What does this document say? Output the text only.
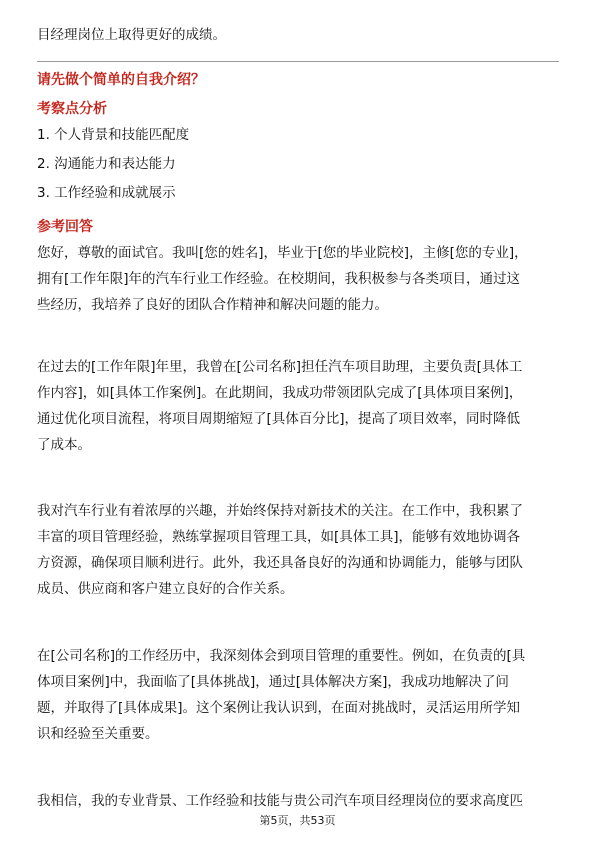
目经理岗位上取得更好的成绩。

请先做个简单的自我介绍？

考察点分析

1. 个人背景和技能匹配度

2. 沟通能力和表达能力

3. 工作经验和成就展示

参考回答

您好，尊敬的面试官。我叫[您的姓名]，毕业于[您的毕业院校]，主修[您的专业]，
拥有[工作年限]年的汽车行业工作经验。在校期间，我积极参与各类项目，通过这
些经历，我培养了良好的团队合作精神和解决问题的能力。
在过去的[工作年限]年里，我曾在[公司名称]担任汽车项目助理，主要负责[具体工
作内容]，如[具体工作案例]。在此期间，我成功带领团队完成了[具体项目案例]，
通过优化项目流程，将项目周期缩短了[具体百分比]，提高了项目效率，同时降低
了成本。
我对汽车行业有着浓厚的兴趣，并始终保持对新技术的关注。在工作中，我积累了
丰富的项目管理经验，熟练掌握项目管理工具，如[具体工具]，能够有效地协调各
方资源，确保项目顺利进行。此外，我还具备良好的沟通和协调能力，能够与团队
成员、供应商和客户建立良好的合作关系。
在[公司名称]的工作经历中，我深刻体会到项目管理的重要性。例如，在负责的[具
体项目案例]中，我面临了[具体挑战]，通过[具体解决方案]，我成功地解决了问
题，并取得了[具体成果]。这个案例让我认识到，在面对挑战时，灵活运用所学知
识和经验至关重要。
我相信，我的专业背景、工作经验和技能与贵公司汽车项目经理岗位的要求高度匹
第5页，共53页
